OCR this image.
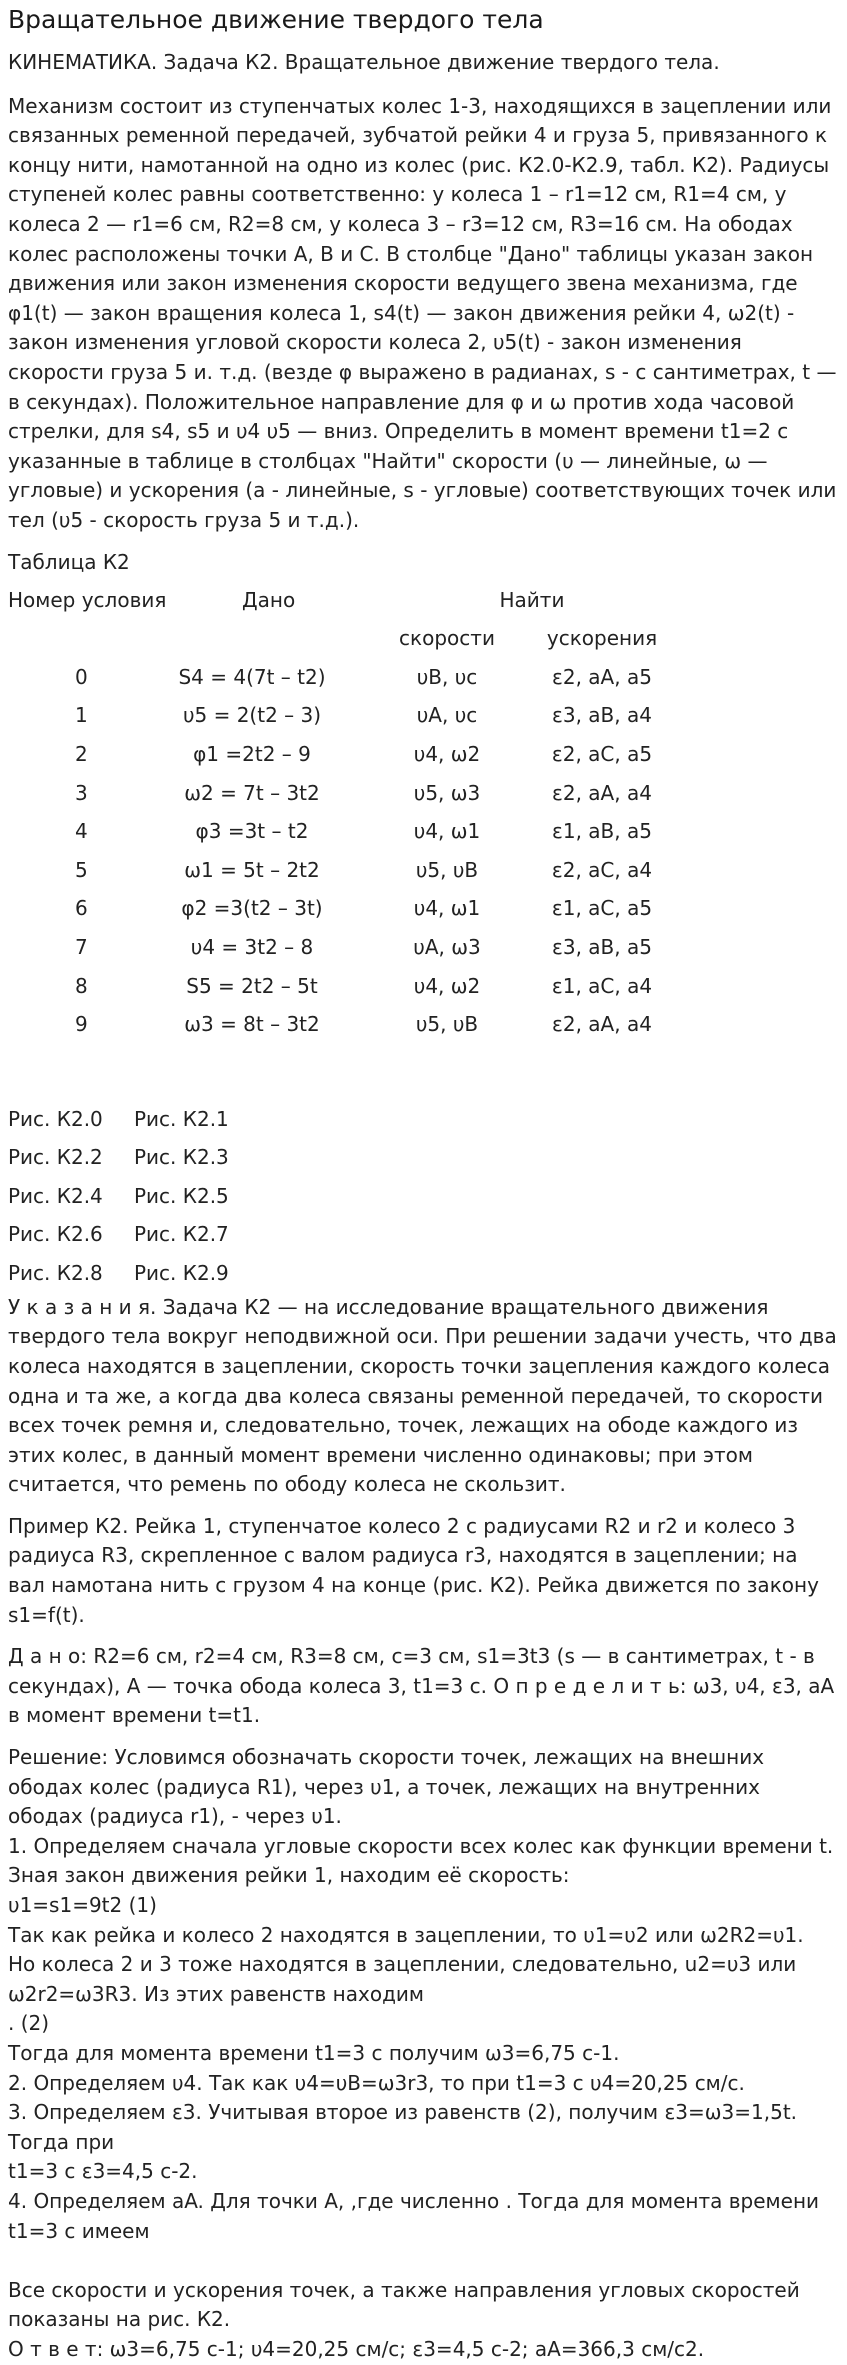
Вращательное движение твердого тела

КИНЕМАТИКА. Задача К2. Вращательное движение твердого тела.

Механизм состоит из ступенчатых колес 1-3, находящихся в зацеплении или связанных ременной передачей, зубчатой рейки 4 и груза 5, привязанного к концу нити, намотанной на одно из колес (рис. К2.0-К2.9, табл. К2). Радиусы ступеней колес равны соответственно: у колеса 1 – r1=12 см, R1=4 см, у колеса 2 — r1=6 см, R2=8 см, у колеса 3 – r3=12 см, R3=16 см. На ободах колес расположены точки А, В и С. В столбце "Дано" таблицы указан закон движения или закон изменения скорости ведущего звена механизма, где φ1(t) — закон вращения колеса 1, s4(t) — закон движения рейки 4, ω2(t) - закон изменения угловой скорости колеса 2, υ5(t) - закон изменения скорости груза 5 и. т.д. (везде φ выражено в радианах, s - с сантиметрах, t — в секундах). Положительное направление для φ и ω против хода часовой стрелки, для s4, s5 и υ4 υ5 — вниз. Определить в момент времени t1=2 с указанные в таблице в столбцах "Найти" скорости (υ — линейные, ω — угловые) и ускорения (а - линейные, s - угловые) соответствующих точек или тел (υ5 - скорость груза 5 и т.д.).

Таблица К2

Номер условия	Дано	Найти
скорости	ускорения
0	S4 = 4(7t – t2)	υB, υc	ε2, aA, a5
1	υ5 = 2(t2 – 3)	υA, υc	ε3, aB, a4
2	φ1 =2t2 – 9	υ4, ω2	ε2, aC, a5
3	ω2 = 7t – 3t2	υ5, ω3	ε2, aA, a4
4	φ3 =3t – t2	υ4, ω1	ε1, aB, a5
5	ω1 = 5t – 2t2	υ5, υB	ε2, aC, a4
6	φ2 =3(t2 – 3t)	υ4, ω1	ε1, aC, a5
7	υ4 = 3t2 – 8	υA, ω3	ε3, aB, a5
8	S5 = 2t2 – 5t	υ4, ω2	ε1, aC, a4
9	ω3 = 8t – 3t2	υ5, υB	ε2, aA, a4
Рис. К2.0	Рис. К2.1
Рис. К2.2	Рис. К2.3
Рис. К2.4	Рис. К2.5
Рис. К2.6	Рис. К2.7
Рис. К2.8	Рис. К2.9

У к а з а н и я. Задача К2 — на исследование вращательного движения твердого тела вокруг неподвижной оси. При решении задачи учесть, что два колеса находятся в зацеплении, скорость точки зацепления каждого колеса одна и та же, а когда два колеса связаны ременной передачей, то скорости всех точек ремня и, следовательно, точек, лежащих на ободе каждого из этих колес, в данный момент времени численно одинаковы; при этом считается, что ремень по ободу колеса не скользит.

Пример К2. Рейка 1, ступенчатое колесо 2 с радиусами R2 и r2 и колесо 3 радиуса R3, скрепленное с валом радиуса r3, находятся в зацеплении; на вал намотана нить с грузом 4 на конце (рис. К2). Рейка движется по закону s1=f(t).

Д а н о: R2=6 см, r2=4 см, R3=8 см, c=3 см, s1=3t3 (s — в сантиметрах, t - в секундах), А — точка обода колеса 3, t1=3 с. О п р е д е л и т ь: ω3, υ4, ε3, aA в момент времени t=t1.

Решение: Условимся обозначать скорости точек, лежащих на внешних ободах колес (радиуса R1), через υ1, а точек, лежащих на внутренних ободах (радиуса r1), - через υ1.
1. Определяем сначала угловые скорости всех колес как функции времени t. Зная закон движения рейки 1, находим её скорость:
υ1=s1=9t2 (1)
Так как рейка и колесо 2 находятся в зацеплении, то υ1=υ2 или ω2R2=υ1. Но колеса 2 и 3 тоже находятся в зацеплении, следовательно, u2=υ3 или ω2r2=ω3R3. Из этих равенств находим
. (2)
Тогда для момента времени t1=3 с получим ω3=6,75 с-1.
2. Определяем υ4. Так как υ4=υB=ω3r3, то при t1=3 с υ4=20,25 см/с.
3. Определяем ε3. Учитывая второе из равенств (2), получим ε3=ω3=1,5t. Тогда при
t1=3 с ε3=4,5 с-2.
4. Определяем aA. Для точки А, ,где численно . Тогда для момента времени t1=3 с имеем
Все скорости и ускорения точек, а также направления угловых скоростей показаны на рис. К2.
О т в е т: ω3=6,75 с-1; υ4=20,25 см/с; ε3=4,5 с-2; aA=366,3 см/с2.
